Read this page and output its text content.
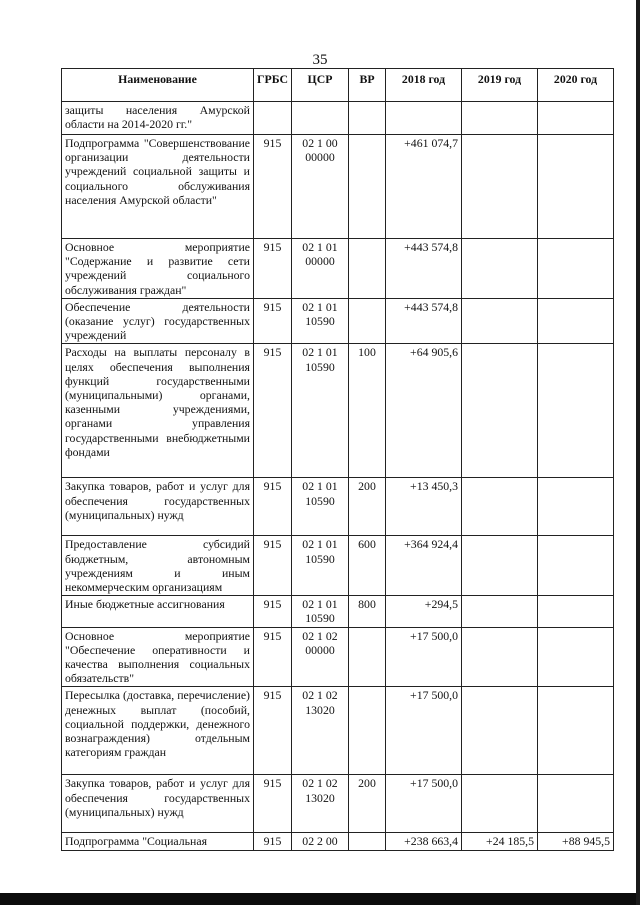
35
Наименование	ГРБС	ЦСР	ВР	2018 год	2019 год	2020 год
защиты населения Амурской области на 2014-2020 гг."						
Подпрограмма "Совершенствование организации деятельности учреждений социальной защиты и социального обслуживания населения Амурской области"	915	02 1 00 00000		+461 074,7		
Основное мероприятие "Содержание и развитие сети учреждений социального обслуживания граждан"	915	02 1 01 00000		+443 574,8		
Обеспечение деятельности (оказание услуг) государственных учреждений	915	02 1 01 10590		+443 574,8		
Расходы на выплаты персоналу в целях обеспечения выполнения функций государственными (муниципальными) органами, казенными учреждениями, органами управления государственными внебюджетными фондами	915	02 1 01 10590	100	+64 905,6		
Закупка товаров, работ и услуг для обеспечения государственных (муниципальных) нужд	915	02 1 01 10590	200	+13 450,3		
Предоставление субсидий бюджетным, автономным учреждениям и иным некоммерческим организациям	915	02 1 01 10590	600	+364 924,4		
Иные бюджетные ассигнования	915	02 1 01 10590	800	+294,5		
Основное мероприятие "Обеспечение оперативности и качества выполнения социальных обязательств"	915	02 1 02 00000		+17 500,0		
Пересылка (доставка, перечисление) денежных выплат (пособий, социальной поддержки, денежного вознаграждения) отдельным категориям граждан	915	02 1 02 13020		+17 500,0		
Закупка товаров, работ и услуг для обеспечения государственных (муниципальных) нужд	915	02 1 02 13020	200	+17 500,0		
Подпрограмма "Социальная	915	02 2 00		+238 663,4	+24 185,5	+88 945,5
